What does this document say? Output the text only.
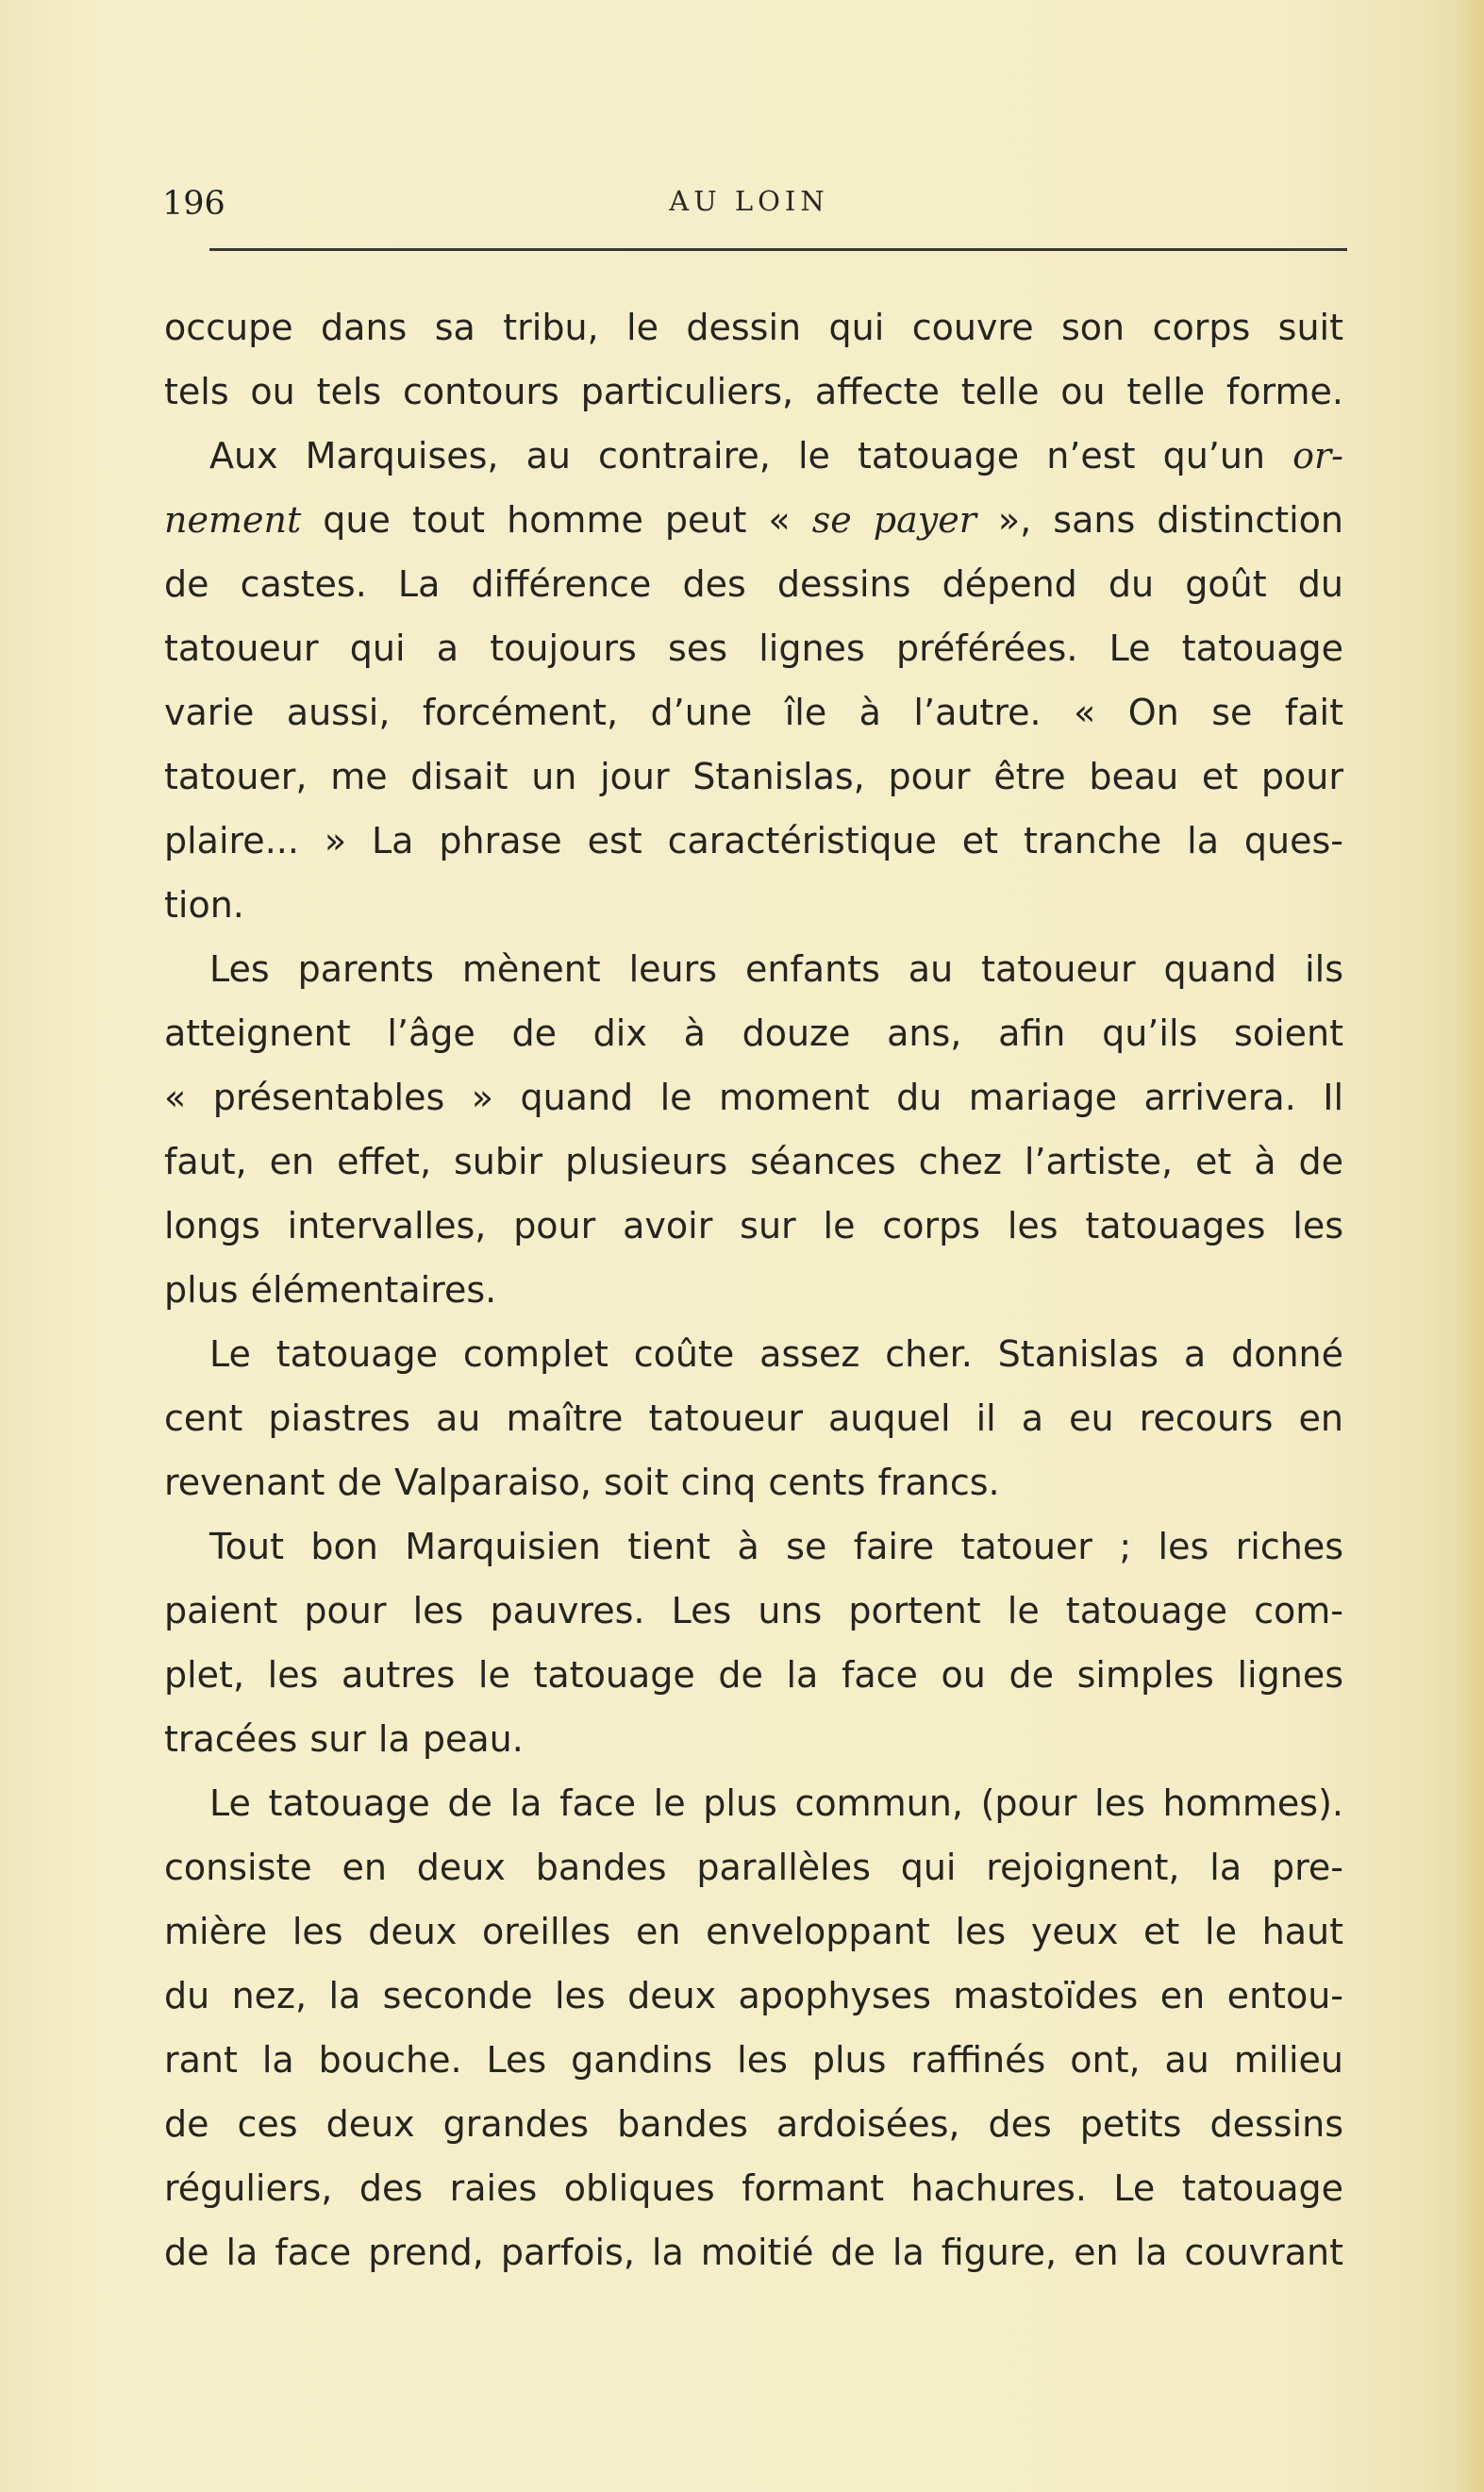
196	AU LOIN
occupe dans sa tribu, le dessin qui couvre son corps suit
tels ou tels contours particuliers, affecte telle ou telle forme.
Aux Marquises, au contraire, le tatouage n’est qu’un or-
nement que tout homme peut « se payer », sans distinction
de castes. La différence des dessins dépend du goût du
tatoueur qui a toujours ses lignes préférées. Le tatouage
varie aussi, forcément, d’une île à l’autre. « On se fait
tatouer, me disait un jour Stanislas, pour être beau et pour
plaire... » La phrase est caractéristique et tranche la ques-
tion.
Les parents mènent leurs enfants au tatoueur quand ils
atteignent l’âge de dix à douze ans, afin qu’ils soient
« présentables » quand le moment du mariage arrivera. Il
faut, en effet, subir plusieurs séances chez l’artiste, et à de
longs intervalles, pour avoir sur le corps les tatouages les
plus élémentaires.
Le tatouage complet coûte assez cher. Stanislas a donné
cent piastres au maître tatoueur auquel il a eu recours en
revenant de Valparaiso, soit cinq cents francs.
Tout bon Marquisien tient à se faire tatouer ; les riches
paient pour les pauvres. Les uns portent le tatouage com-
plet, les autres le tatouage de la face ou de simples lignes
tracées sur la peau.
Le tatouage de la face le plus commun, (pour les hommes).
consiste en deux bandes parallèles qui rejoignent, la pre-
mière les deux oreilles en enveloppant les yeux et le haut
du nez, la seconde les deux apophyses mastoïdes en entou-
rant la bouche. Les gandins les plus raffinés ont, au milieu
de ces deux grandes bandes ardoisées, des petits dessins
réguliers, des raies obliques formant hachures. Le tatouage
de la face prend, parfois, la moitié de la figure, en la couvrant
